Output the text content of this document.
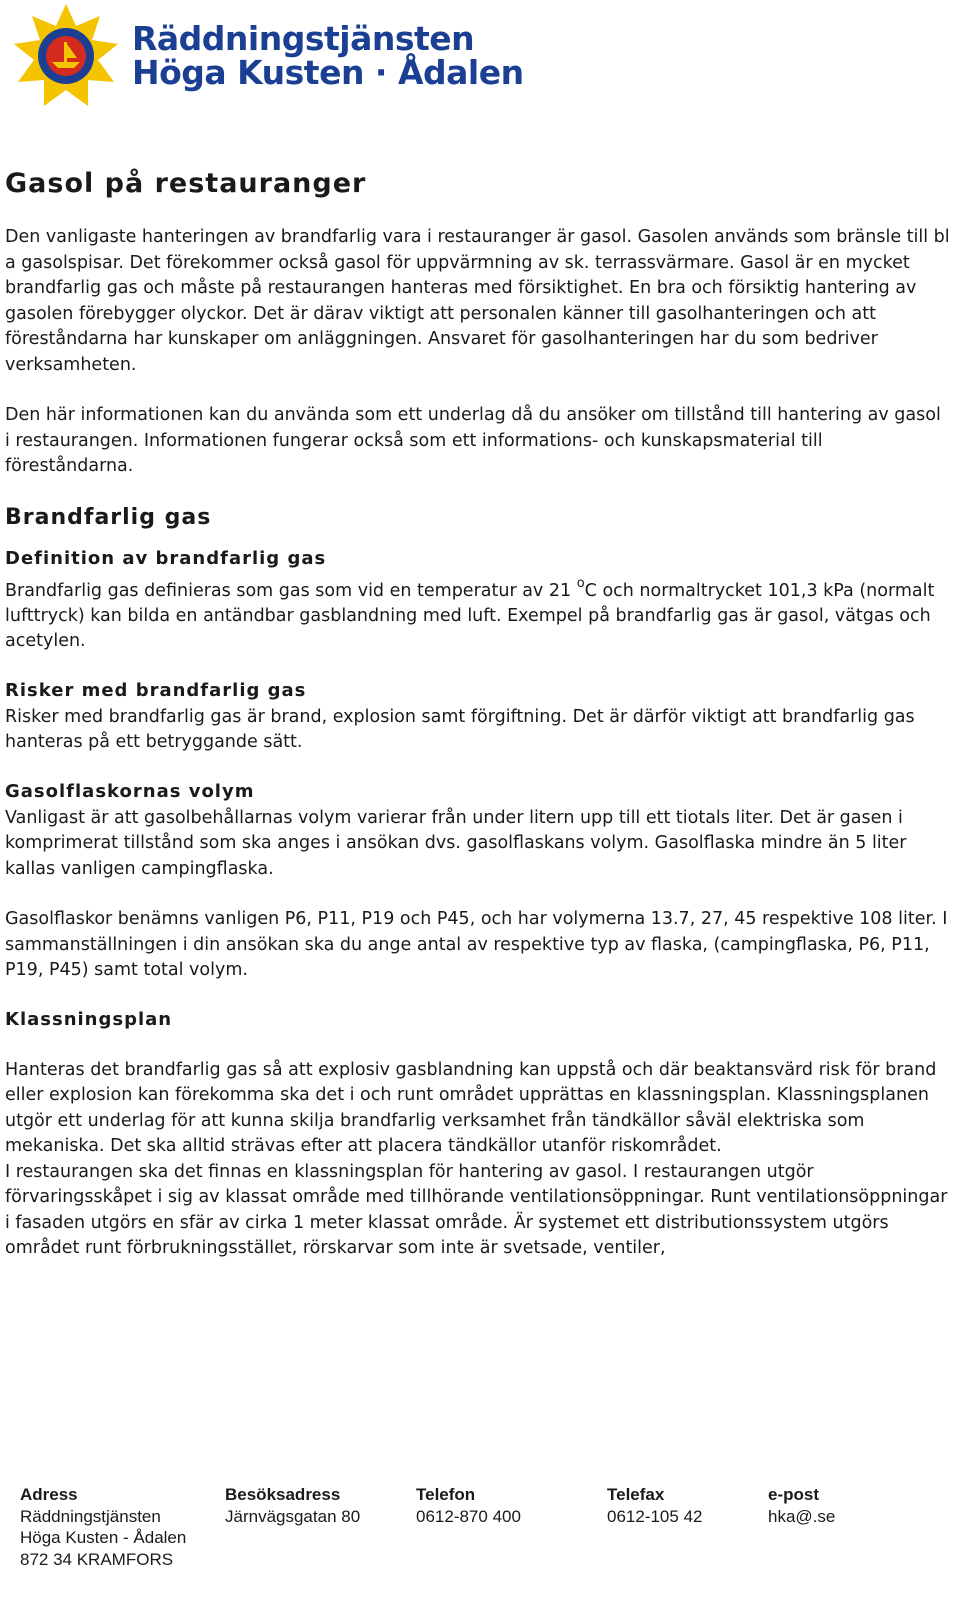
Räddningstjänsten
Höga Kusten · Ådalen
Gasol på restauranger

Den vanligaste hanteringen av brandfarlig vara i restauranger är gasol. Gasolen används som bränsle till bl a gasolspisar. Det förekommer också gasol för uppvärmning av sk. terrassvärmare. Gasol är en mycket brandfarlig gas och måste på restaurangen hanteras med försiktighet. En bra och försiktig hantering av gasolen förebygger olyckor. Det är därav viktigt att personalen känner till gasolhanteringen och att föreståndarna har kunskaper om anläggningen. Ansvaret för gasolhanteringen har du som bedriver verksamheten.

Den här informationen kan du använda som ett underlag då du ansöker om tillstånd till hantering av gasol i restaurangen. Informationen fungerar också som ett informations- och kunskapsmaterial till föreståndarna.

Brandfarlig gas
Definition av brandfarlig gas

Brandfarlig gas definieras som gas som vid en temperatur av 21 $^o$C och normaltrycket 101,3 kPa (normalt lufttryck) kan bilda en antändbar gasblandning med luft. Exempel på brandfarlig gas är gasol, vätgas och acetylen.

Risker med brandfarlig gas

Risker med brandfarlig gas är brand, explosion samt förgiftning. Det är därför viktigt att brandfarlig gas hanteras på ett betryggande sätt.

Gasolflaskornas volym

Vanligast är att gasolbehållarnas volym varierar från under litern upp till ett tiotals liter. Det är gasen i komprimerat tillstånd som ska anges i ansökan dvs. gasolflaskans volym. Gasolflaska mindre än 5 liter kallas vanligen campingflaska.

Gasolflaskor benämns vanligen P6, P11, P19 och P45, och har volymerna 13.7, 27, 45 respektive 108 liter. I sammanställningen i din ansökan ska du ange antal av respektive typ av flaska, (campingflaska, P6, P11, P19, P45) samt total volym.

Klassningsplan

Hanteras det brandfarlig gas så att explosiv gasblandning kan uppstå och där beaktansvärd risk för brand eller explosion kan förekomma ska det i och runt området upprättas en klassningsplan. Klassningsplanen utgör ett underlag för att kunna skilja brandfarlig verksamhet från tändkällor såväl elektriska som mekaniska. Det ska alltid strävas efter att placera tändkällor utanför riskområdet.

I restaurangen ska det finnas en klassningsplan för hantering av gasol. I restaurangen utgör förvaringsskåpet i sig av klassat område med tillhörande ventilationsöppningar. Runt ventilationsöppningar i fasaden utgörs en sfär av cirka 1 meter klassat område. Är systemet ett distributionssystem utgörs området runt förbrukningsstället, rörskarvar som inte är svetsade, ventiler,

Adress
Räddningstjänsten
Höga Kusten - Ådalen
872 34 KRAMFORS
Besöksadress
Järnvägsgatan 80
Telefon
0612-870 400
Telefax
0612-105 42
e-post
hka@.se
